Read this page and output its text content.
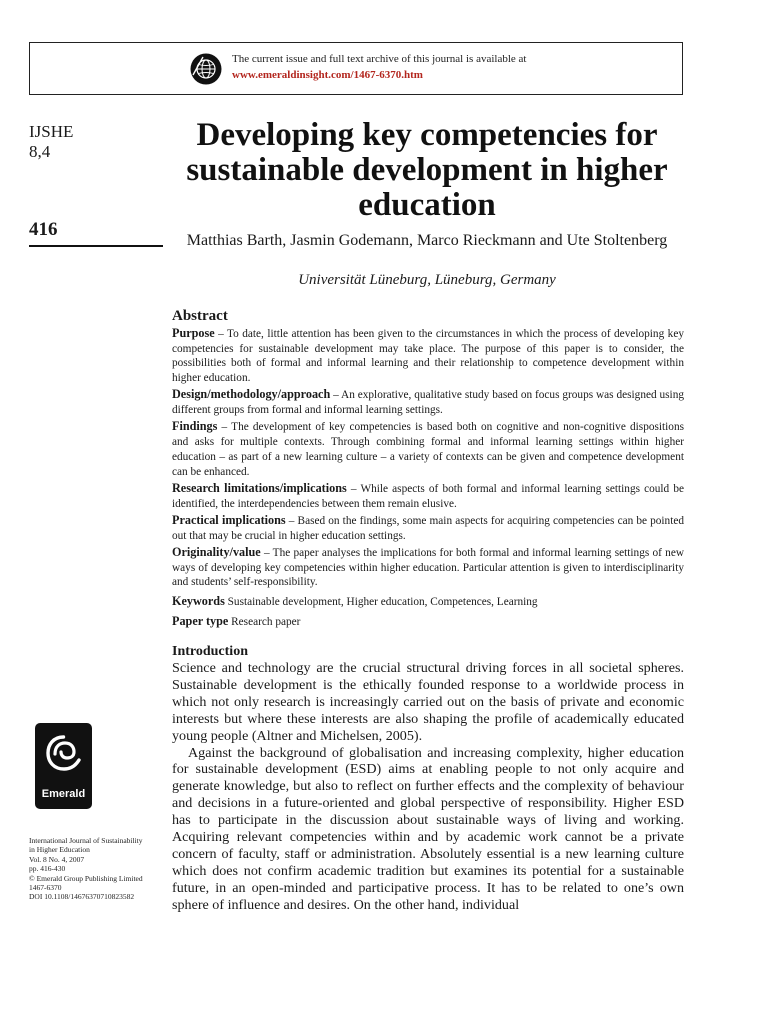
The current issue and full text archive of this journal is available at
www.emeraldinsight.com/1467-6370.htm
IJSHE
8,4
416
Emerald
International Journal of Sustainability
in Higher Education
Vol. 8 No. 4, 2007
pp. 416-430
© Emerald Group Publishing Limited
1467-6370
DOI 10.1108/14676370710823582
Developing key competencies for sustainable development in higher education
Matthias Barth, Jasmin Godemann, Marco Rieckmann and Ute Stoltenberg
Universität Lüneburg, Lüneburg, Germany
Abstract

Purpose – To date, little attention has been given to the circumstances in which the process of developing key competencies for sustainable development may take place. The purpose of this paper is to consider, the possibilities both of formal and informal learning and their relationship to competence development within higher education.

Design/methodology/approach – An explorative, qualitative study based on focus groups was designed using different groups from formal and informal learning settings.

Findings – The development of key competencies is based both on cognitive and non-cognitive dispositions and asks for multiple contexts. Through combining formal and informal learning settings within higher education – as part of a new learning culture – a variety of contexts can be given and competence development can be enhanced.

Research limitations/implications – While aspects of both formal and informal learning settings could be identified, the interdependencies between them remain elusive.

Practical implications – Based on the findings, some main aspects for acquiring competencies can be pointed out that may be crucial in higher education settings.

Originality/value – The paper analyses the implications for both formal and informal learning settings of new ways of developing key competencies within higher education. Particular attention is given to interdisciplinarity and students’ self-responsibility.

Keywords Sustainable development, Higher education, Competences, Learning

Paper type Research paper

Introduction

Science and technology are the crucial structural driving forces in all societal spheres. Sustainable development is the ethically founded response to a worldwide process in which not only research is increasingly carried out on the basis of private and economic interests but where these interests are also shaping the profile of academically educated young people (Altner and Michelsen, 2005).

Against the background of globalisation and increasing complexity, higher education for sustainable development (ESD) aims at enabling people to not only acquire and generate knowledge, but also to reflect on further effects and the complexity of behaviour and decisions in a future-oriented and global perspective of responsibility. Higher ESD has to participate in the discussion about sustainable ways of living and working. Acquiring relevant competencies within and by academic work cannot be a private concern of faculty, staff or administration. Absolutely essential is a new learning culture which does not confirm academic tradition but examines its potential for a sustainable future, in an open-minded and participative process. It has to be related to one’s own sphere of influence and desires. On the other hand, individual
